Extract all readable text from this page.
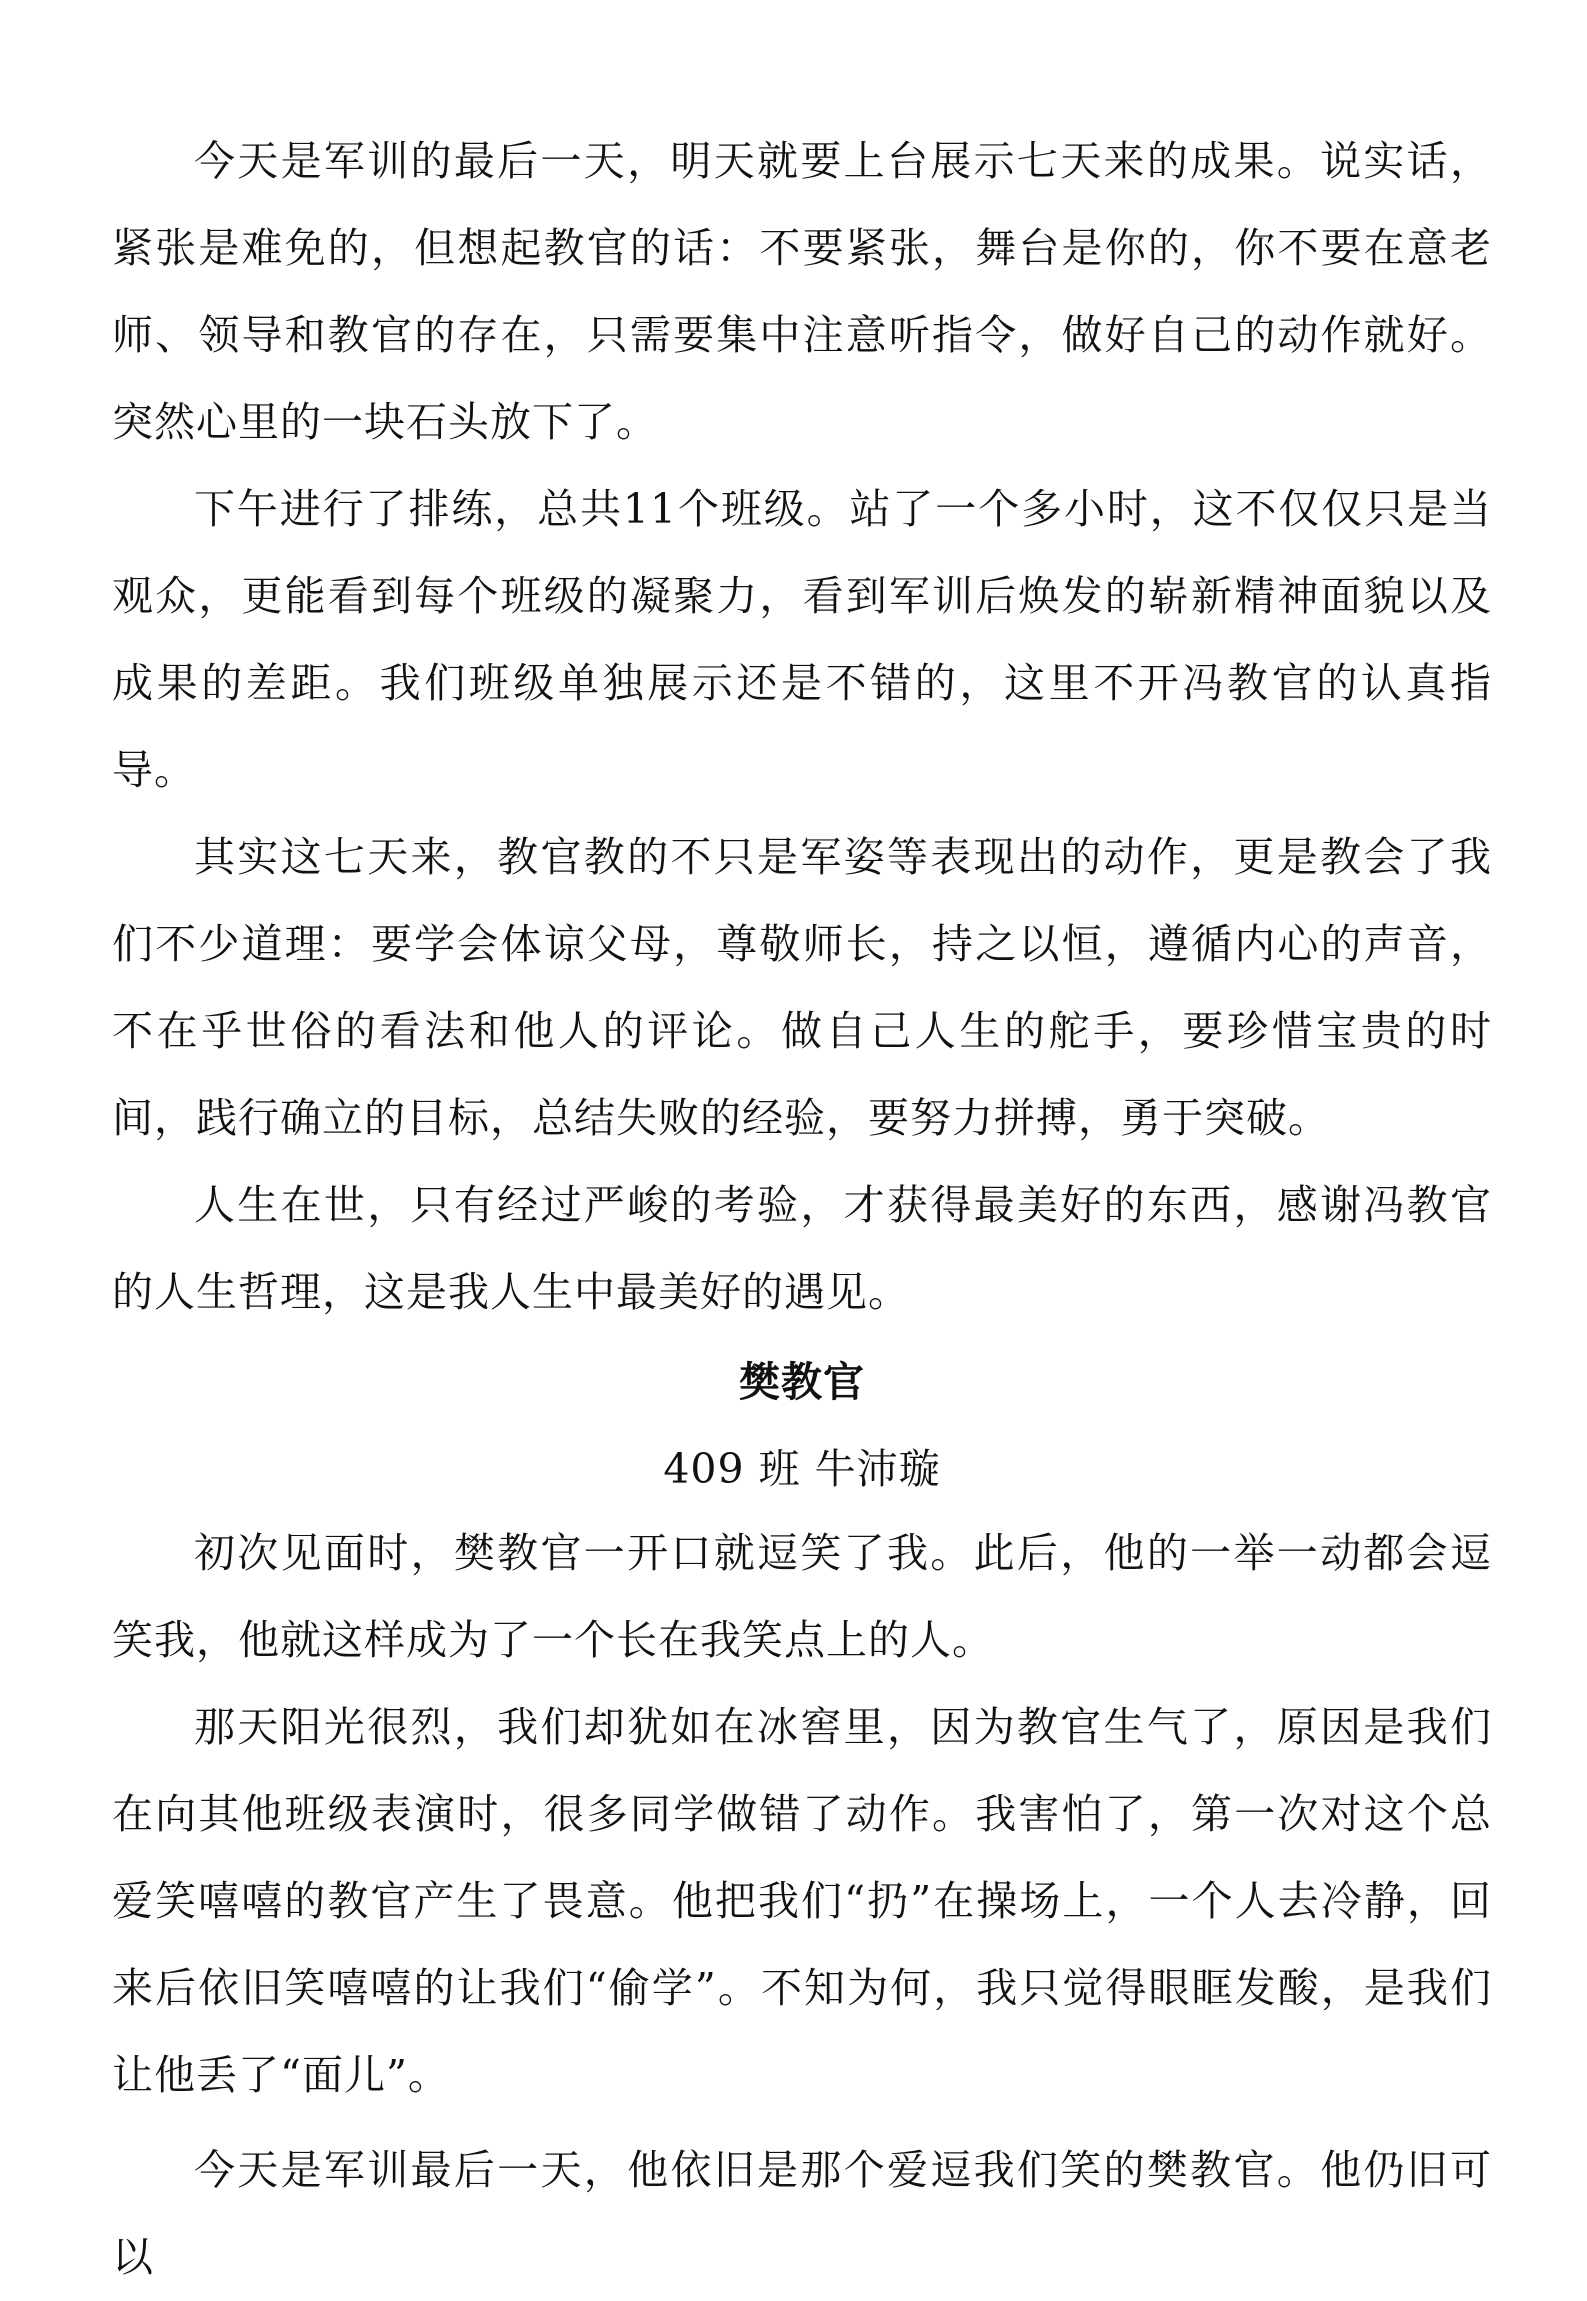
今天是军训的最后一天，明天就要上台展示七天来的成果。说实话，紧张是难免的，但想起教官的话：不要紧张，舞台是你的，你不要在意老师、领导和教官的存在，只需要集中注意听指令，做好自己的动作就好。突然心里的一块石头放下了。

下午进行了排练，总共11个班级。站了一个多小时，这不仅仅只是当观众，更能看到每个班级的凝聚力，看到军训后焕发的崭新精神面貌以及成果的差距。我们班级单独展示还是不错的，这里不开冯教官的认真指导。

其实这七天来，教官教的不只是军姿等表现出的动作，更是教会了我们不少道理：要学会体谅父母，尊敬师长，持之以恒，遵循内心的声音，不在乎世俗的看法和他人的评论。做自己人生的舵手，要珍惜宝贵的时间，践行确立的目标，总结失败的经验，要努力拼搏，勇于突破。

人生在世，只有经过严峻的考验，才获得最美好的东西，感谢冯教官的人生哲理，这是我人生中最美好的遇见。

樊教官

409 班 牛沛璇

初次见面时，樊教官一开口就逗笑了我。此后，他的一举一动都会逗笑我，他就这样成为了一个长在我笑点上的人。

那天阳光很烈，我们却犹如在冰窖里，因为教官生气了，原因是我们在向其他班级表演时，很多同学做错了动作。我害怕了，第一次对这个总爱笑嘻嘻的教官产生了畏意。他把我们“扔”在操场上，一个人去冷静，回来后依旧笑嘻嘻的让我们“偷学”。不知为何，我只觉得眼眶发酸，是我们让他丢了“面儿”。

今天是军训最后一天，他依旧是那个爱逗我们笑的樊教官。他仍旧可以
